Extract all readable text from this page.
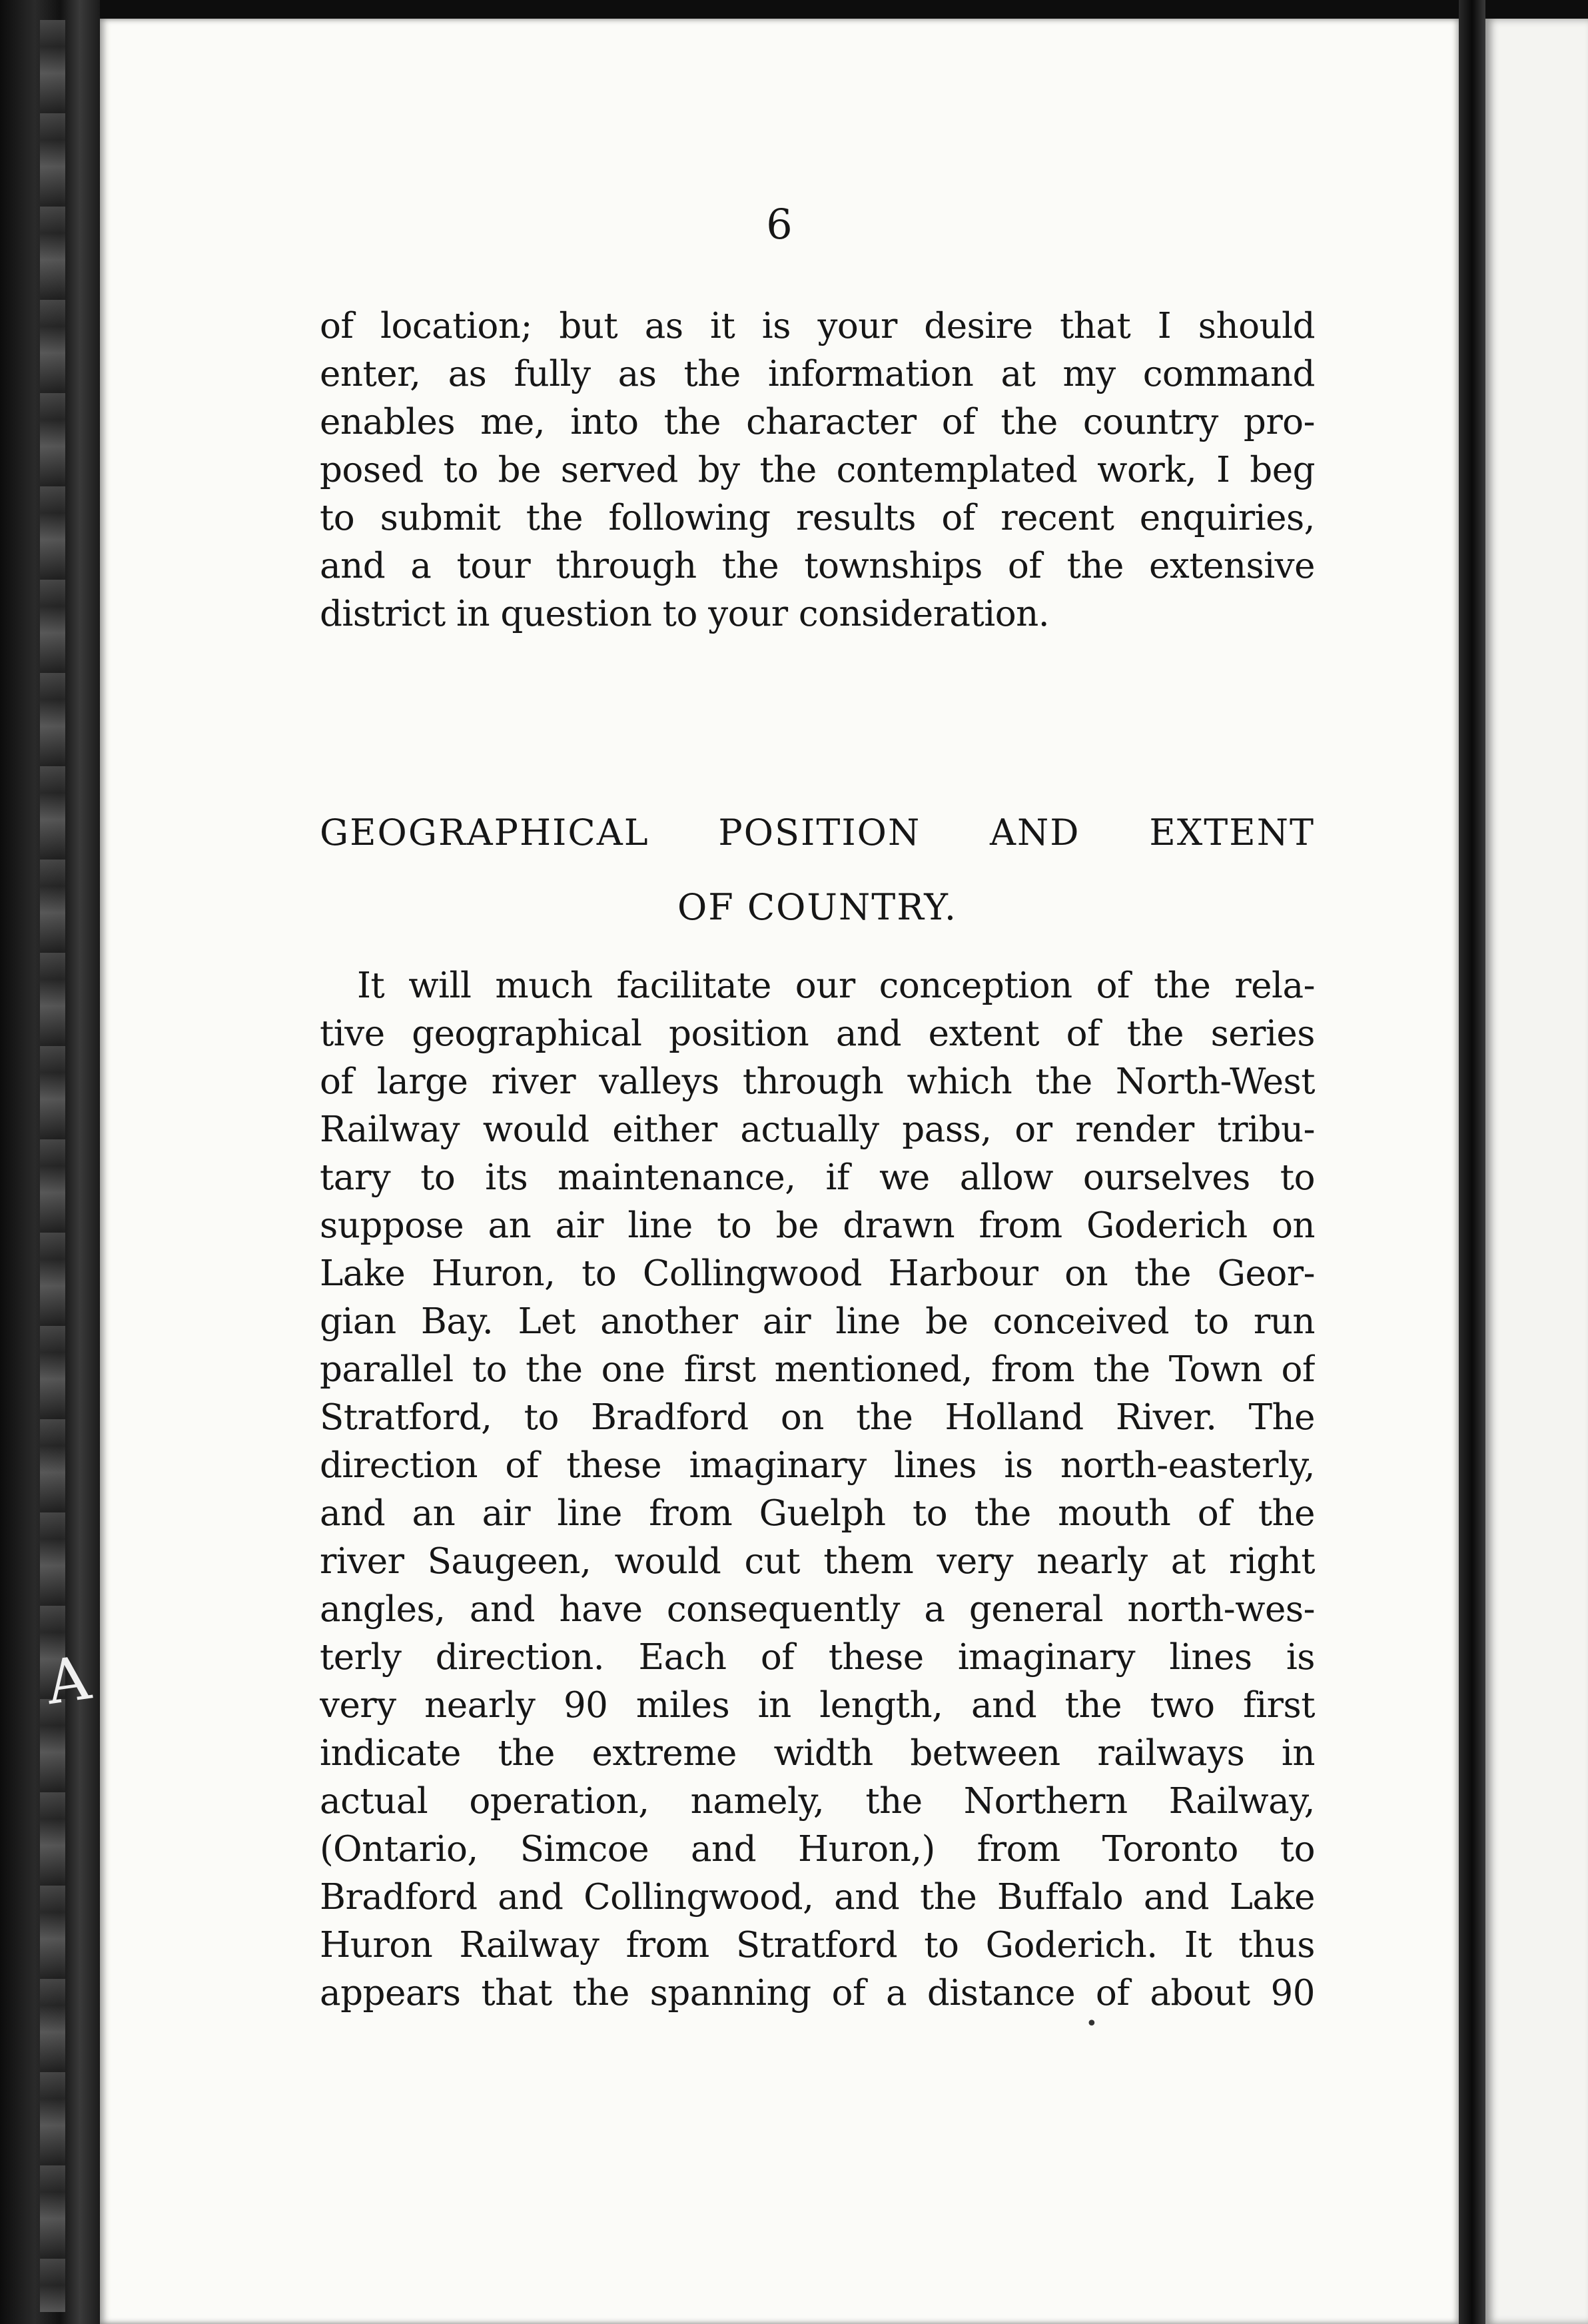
6
of location; but as it is your desire that I should
enter, as fully as the information at my command
enables me, into the character of the country pro-
posed to be served by the contemplated work, I beg
to submit the following results of recent enquiries,
and a tour through the townships of the extensive
district in question to your consideration.
GEOGRAPHICAL POSITION AND EXTENT
OF COUNTRY.
It will much facilitate our conception of the rela-
tive geographical position and extent of the series
of large river valleys through which the North-West
Railway would either actually pass, or render tribu-
tary to its maintenance, if we allow ourselves to
suppose an air line to be drawn from Goderich on
Lake Huron, to Collingwood Harbour on the Geor-
gian Bay. Let another air line be conceived to run
parallel to the one first mentioned, from the Town of
Stratford, to Bradford on the Holland River. The
direction of these imaginary lines is north-easterly,
and an air line from Guelph to the mouth of the
river Saugeen, would cut them very nearly at right
angles, and have consequently a general north-wes-
terly direction. Each of these imaginary lines is
very nearly 90 miles in length, and the two first
indicate the extreme width between railways in
actual operation, namely, the Northern Railway,
(Ontario, Simcoe and Huron,) from Toronto to
Bradford and Collingwood, and the Buffalo and Lake
Huron Railway from Stratford to Goderich. It thus
appears that the spanning of a distance of about 90
A
•
